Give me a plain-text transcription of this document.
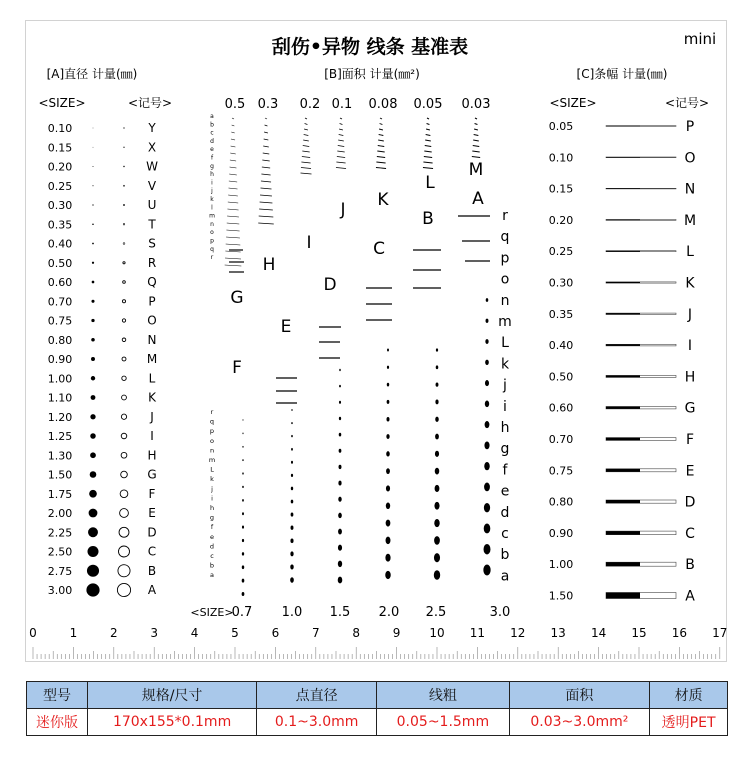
刮伤•异物 线条 基准表	mini
[A]直径 计量(㎜)	[B]面积 计量(㎜²)	[C]条幅 计量(㎜)
<SIZE>	<记号>
<SIZE>
<SIZE>	<记号>
0.10	Y
0.15	X
0.20	W
0.25	V
0.30	U
0.35	T
0.40	S
0.50	R
0.60	Q
0.70	P
0.75	O
0.80	N
0.90	M
1.00	L
1.10	K
1.20	J
1.25	I
1.30	H
1.50	G
1.75	F
2.00	E
2.25	D
2.50	C
2.75	B
3.00	A
0.5 0.3 0.2 0.1 0.08 0.05 0.03
0.7 1.0 1.5 2.0 2.5	3.0
a
b
c
d
e
f
g
h
i
j
k
l
m
n
o
p
q
r
r
q
p
o
n
m
L
k
j
i
h
g
f
e
d
c
b
a
A
B
C
D
E
F
G
H
I
J K
L
M
r
q
p
o
n
m
L
k
j
i
h
g
f
e
d
c
b
a
0.05	P
0.10	O
0.15	N
0.20	M
0.25	L
0.30	K
0.35	J
0.40	I
0.50	H
0.60	G
0.70	F
0.75	E
0.80	D
0.90	C
1.00	B
1.50	A
0	1	2	3	4	5	6	7	8	9 10 11 12 13 14 15 16 17
型号	规格/尺寸	点直径	线粗	面积	材质
迷你版	170x155*0.1mm	0.1~3.0mm	0.05~1.5mm	0.03~3.0mm²	透明PET
